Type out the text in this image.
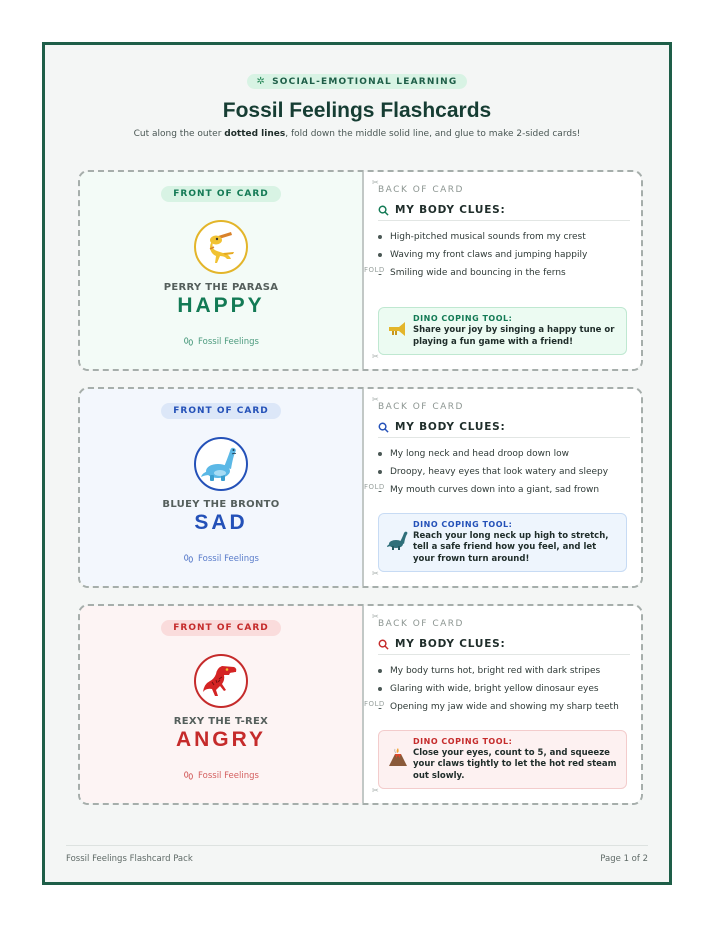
✲ SOCIAL-EMOTIONAL LEARNING
Fossil Feelings Flashcards
Cut along the outer dotted lines, fold down the middle solid line, and glue to make 2-sided cards!
FRONT OF CARD
PERRY THE PARASA
HAPPY
Fossil Feelings
✂
✂
BACK OF CARD
MY BODY CLUES:
High-pitched musical sounds from my crest
Waving my front claws and jumping happily
Smiling wide and bouncing in the ferns
DINO COPING TOOL:
Share your joy by singing a happy tune or playing a fun game with a friend!
FOLD
FRONT OF CARD
BLUEY THE BRONTO
SAD
Fossil Feelings
✂
✂
BACK OF CARD
MY BODY CLUES:
My long neck and head droop down low
Droopy, heavy eyes that look watery and sleepy
My mouth curves down into a giant, sad frown
DINO COPING TOOL:
Reach your long neck up high to stretch, tell a safe friend how you feel, and let your frown turn around!
FOLD
FRONT OF CARD
REXY THE T-REX
ANGRY
Fossil Feelings
✂
✂
BACK OF CARD
MY BODY CLUES:
My body turns hot, bright red with dark stripes
Glaring with wide, bright yellow dinosaur eyes
Opening my jaw wide and showing my sharp teeth
DINO COPING TOOL:
Close your eyes, count to 5, and squeeze your claws tightly to let the hot red steam out slowly.
FOLD
Fossil Feelings Flashcard Pack	Page 1 of 2
